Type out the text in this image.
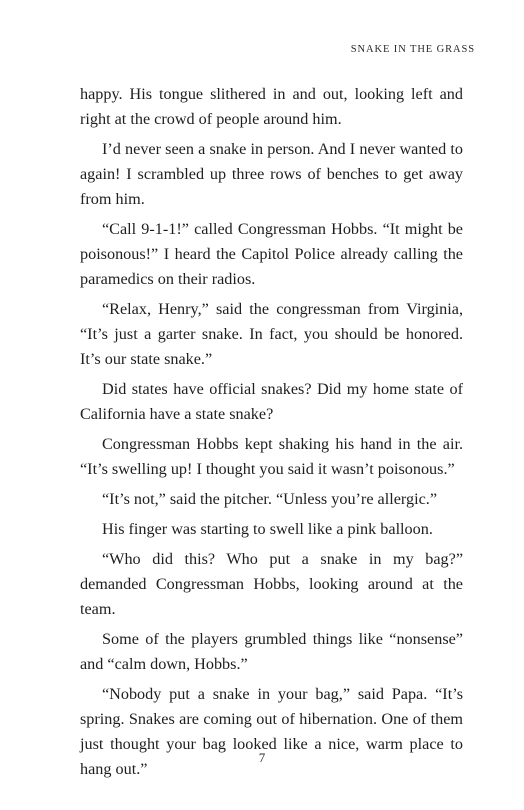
SNAKE IN THE GRASS

happy. His tongue slithered in and out, looking left and right at the crowd of people around him.

I’d never seen a snake in person. And I never wanted to again! I scrambled up three rows of benches to get away from him.

“Call 9-1-1!” called Congressman Hobbs. “It might be poisonous!” I heard the Capitol Police already calling the paramedics on their radios.

“Relax, Henry,” said the congressman from Virginia, “It’s just a garter snake. In fact, you should be honored. It’s our state snake.”

Did states have official snakes? Did my home state of California have a state snake?

Congressman Hobbs kept shaking his hand in the air. “It’s swelling up! I thought you said it wasn’t poisonous.”

“It’s not,” said the pitcher. “Unless you’re allergic.”

His finger was starting to swell like a pink balloon.

“Who did this? Who put a snake in my bag?” demanded Congressman Hobbs, looking around at the team.

Some of the players grumbled things like “nonsense” and “calm down, Hobbs.”

“Nobody put a snake in your bag,” said Papa. “It’s spring. Snakes are coming out of hibernation. One of them just thought your bag looked like a nice, warm place to hang out.”

7
